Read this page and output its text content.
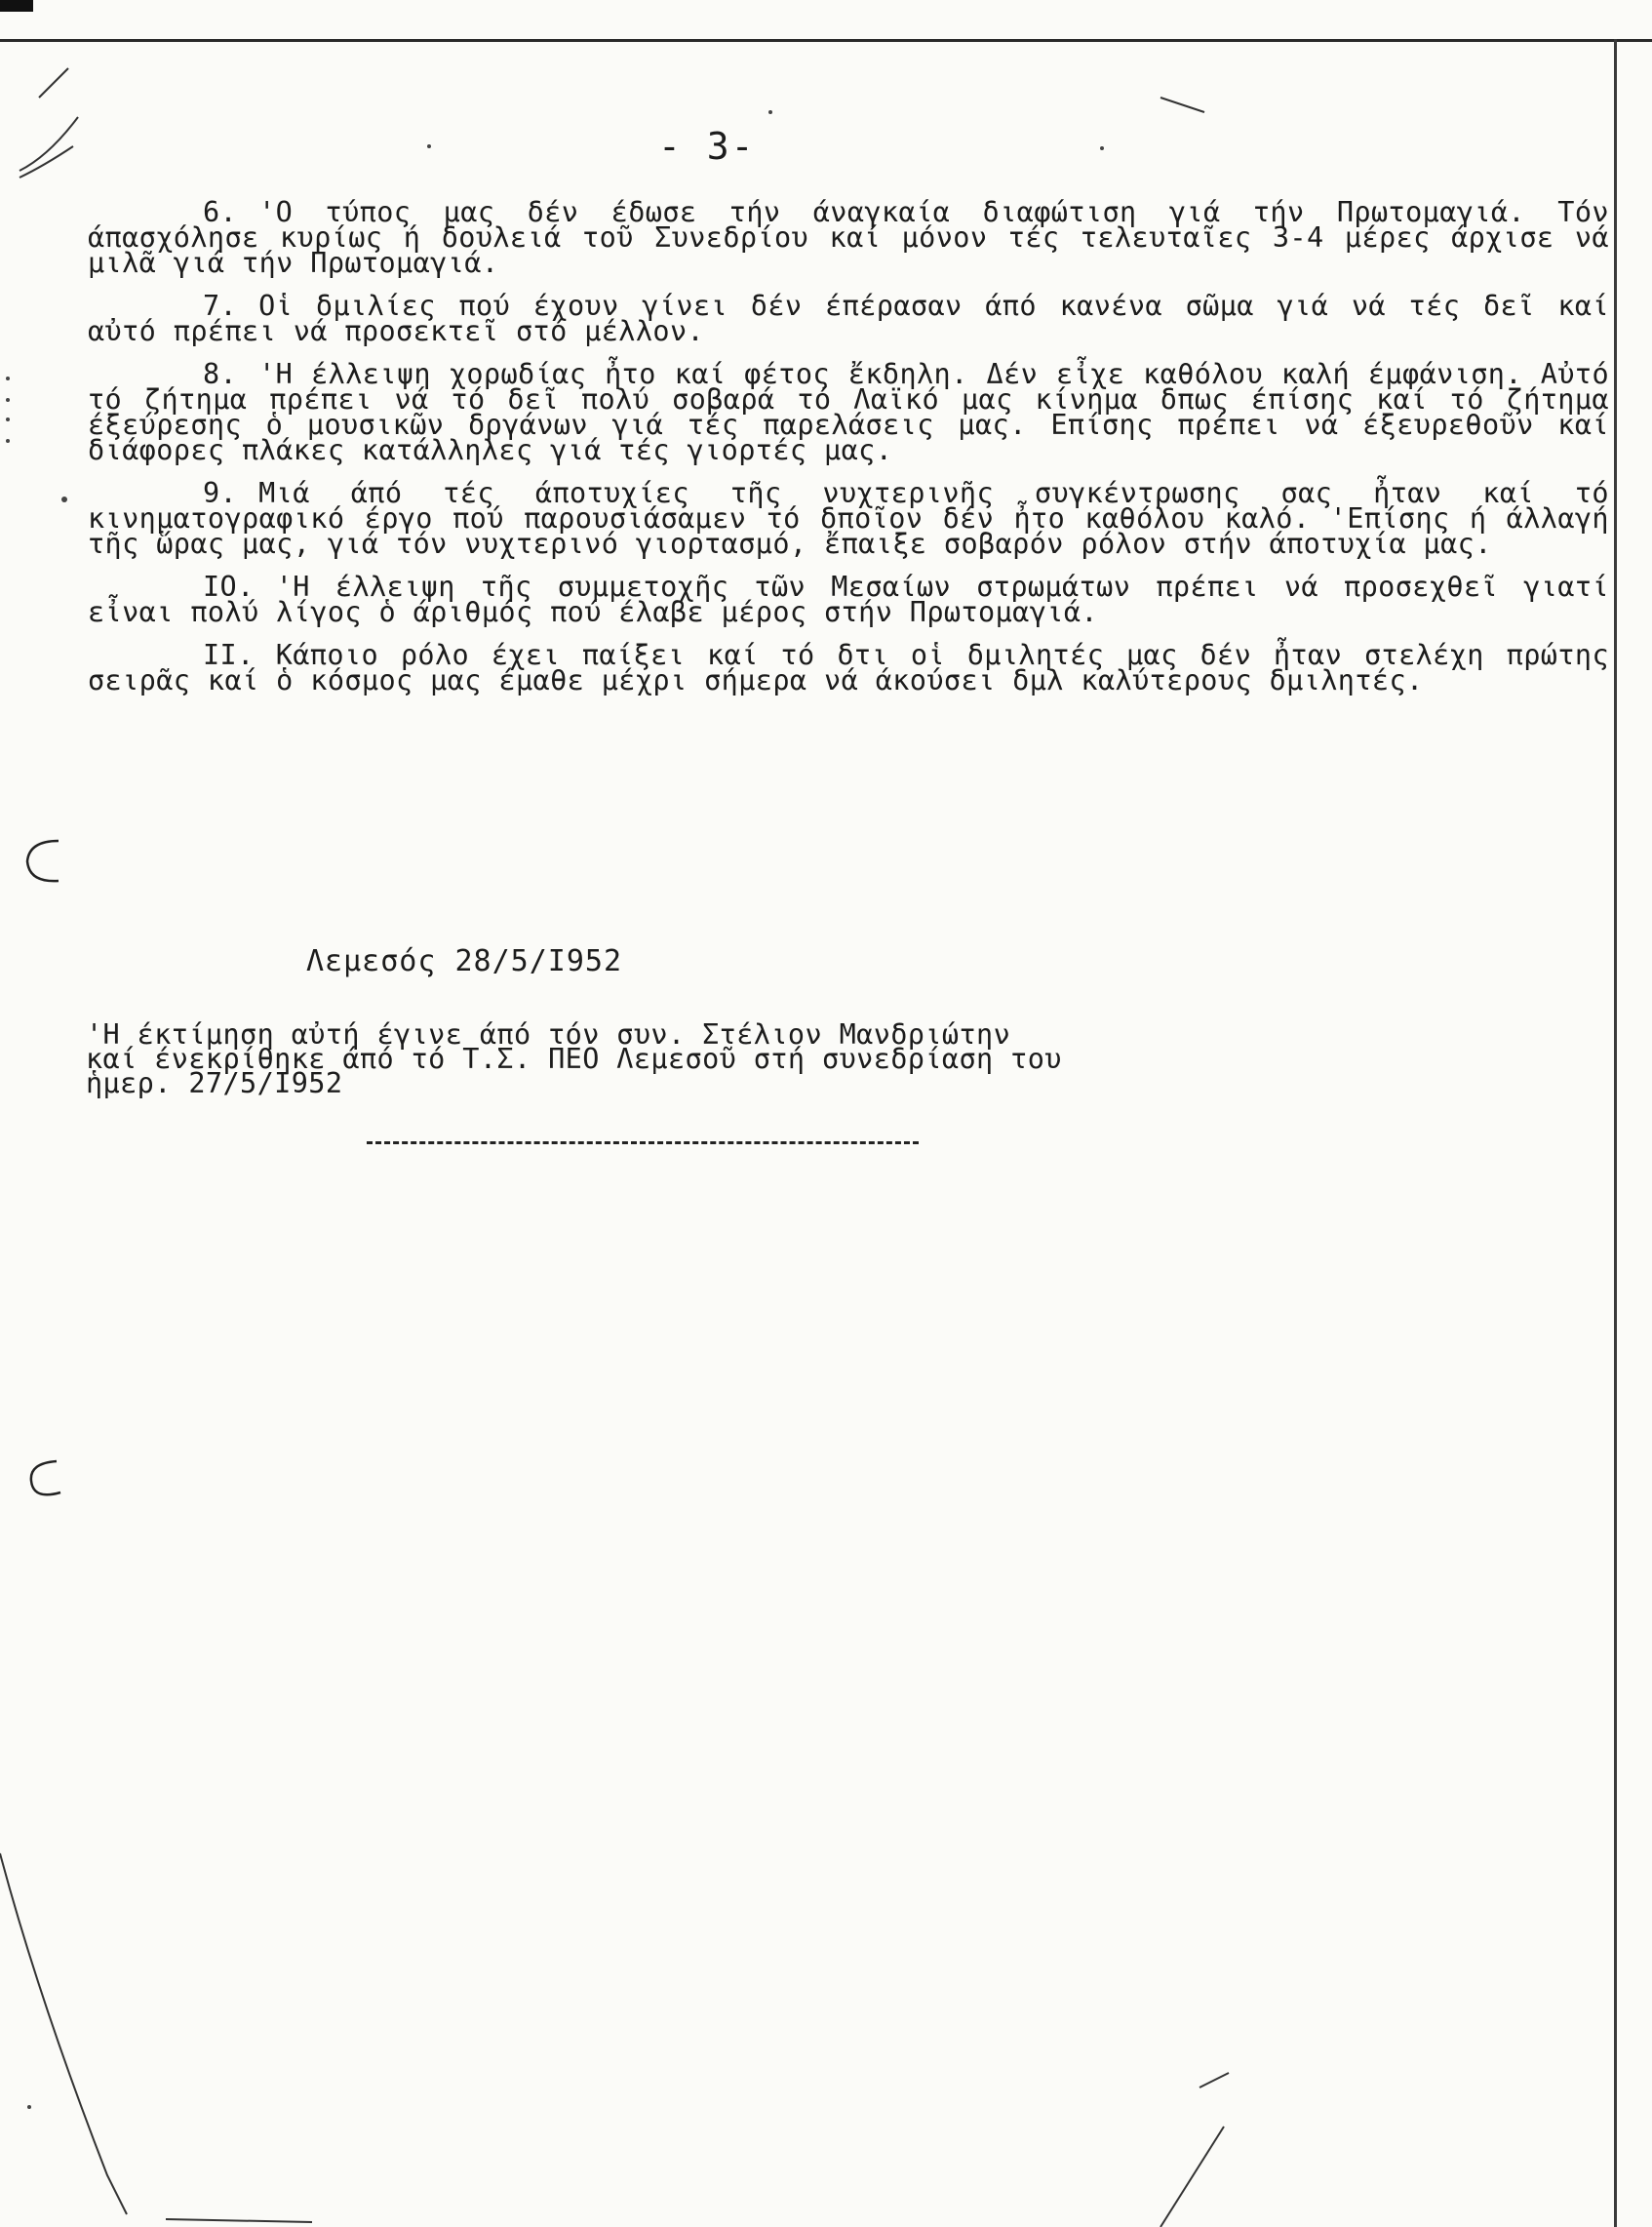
- 3-

6. 'Ο τύπος μας δέν έδωσε τήν άναγκαία διαφώτιση γιά τήν Πρωτομαγιά. Τόν άπασχόλησε κυρίως ή δουλειά τοῦ Συνεδρίου καί μόνον τές τελευταῖες 3-4 μέρες άρχισε νά μιλᾶ γιά τήν Πρωτομαγιά.

7. Οἱ δμιλίες πού έχουν γίνει δέν έπέρασαν άπό κανένα σῶμα γιά νά τές δεῖ καί αὐτό πρέπει νά προσεκτεῖ στό μέλλον.

8. 'Η έλλειψη χορωδίας ἦτο καί φέτος ἔκδηλη. Δέν εἶχε καθόλου καλή έμφάνιση. Αὐτό τό ζήτημα πρέπει νά τό δεῖ πολύ σοβαρά τό Λαϊκό μας κίνημα δπως έπίσης καί τό ζήτημα έξεύρεσης ὁ μουσικῶν δργάνων γιά τές παρελάσεις μας. Επίσης πρέπει νά έξευρεθοῦν καί διάφορες πλάκες κατάλληλες γιά τές γιορτές μας.

9. Μιά άπό τές άποτυχίες τῆς νυχτερινῆς συγκέντρωσης σας ἦταν καί τό κινηματογραφικό έργο πού παρουσιάσαμεν τό δποῖον δέν ἦτο καθόλου καλό. 'Επίσης ή άλλαγή τῆς ὥρας μας, γιά τόν νυχτερινό γιορτασμό, ἔπαιξε σοβαρόν ρόλον στήν άποτυχία μας.

IO. 'Η έλλειψη τῆς συμμετοχῆς τῶν Μεσαίων στρωμάτων πρέπει νά προσεχθεῖ γιατί εἶναι πολύ λίγος ὁ άριθμός πού έλαβε μέρος στήν Πρωτομαγιά.

II. Κάποιο ρόλο έχει παίξει καί τό δτι οἱ δμιλητές μας δέν ἦταν στελέχη πρώτης σειρᾶς καί ὁ κόσμος μας έμαθε μέχρι σήμερα νά άκούσει δμλ καλύτερους δμιλητές.

Λεμεσός 28/5/I952
'Η έκτίμηση αὐτή έγινε άπό τόν συν. Στέλιον Μανδριώτην
καί ένεκρίθηκε άπό τό Τ.Σ. ΠΕΟ Λεμεσοῦ στή συνεδρίαση του
ἡμερ. 27/5/I952
